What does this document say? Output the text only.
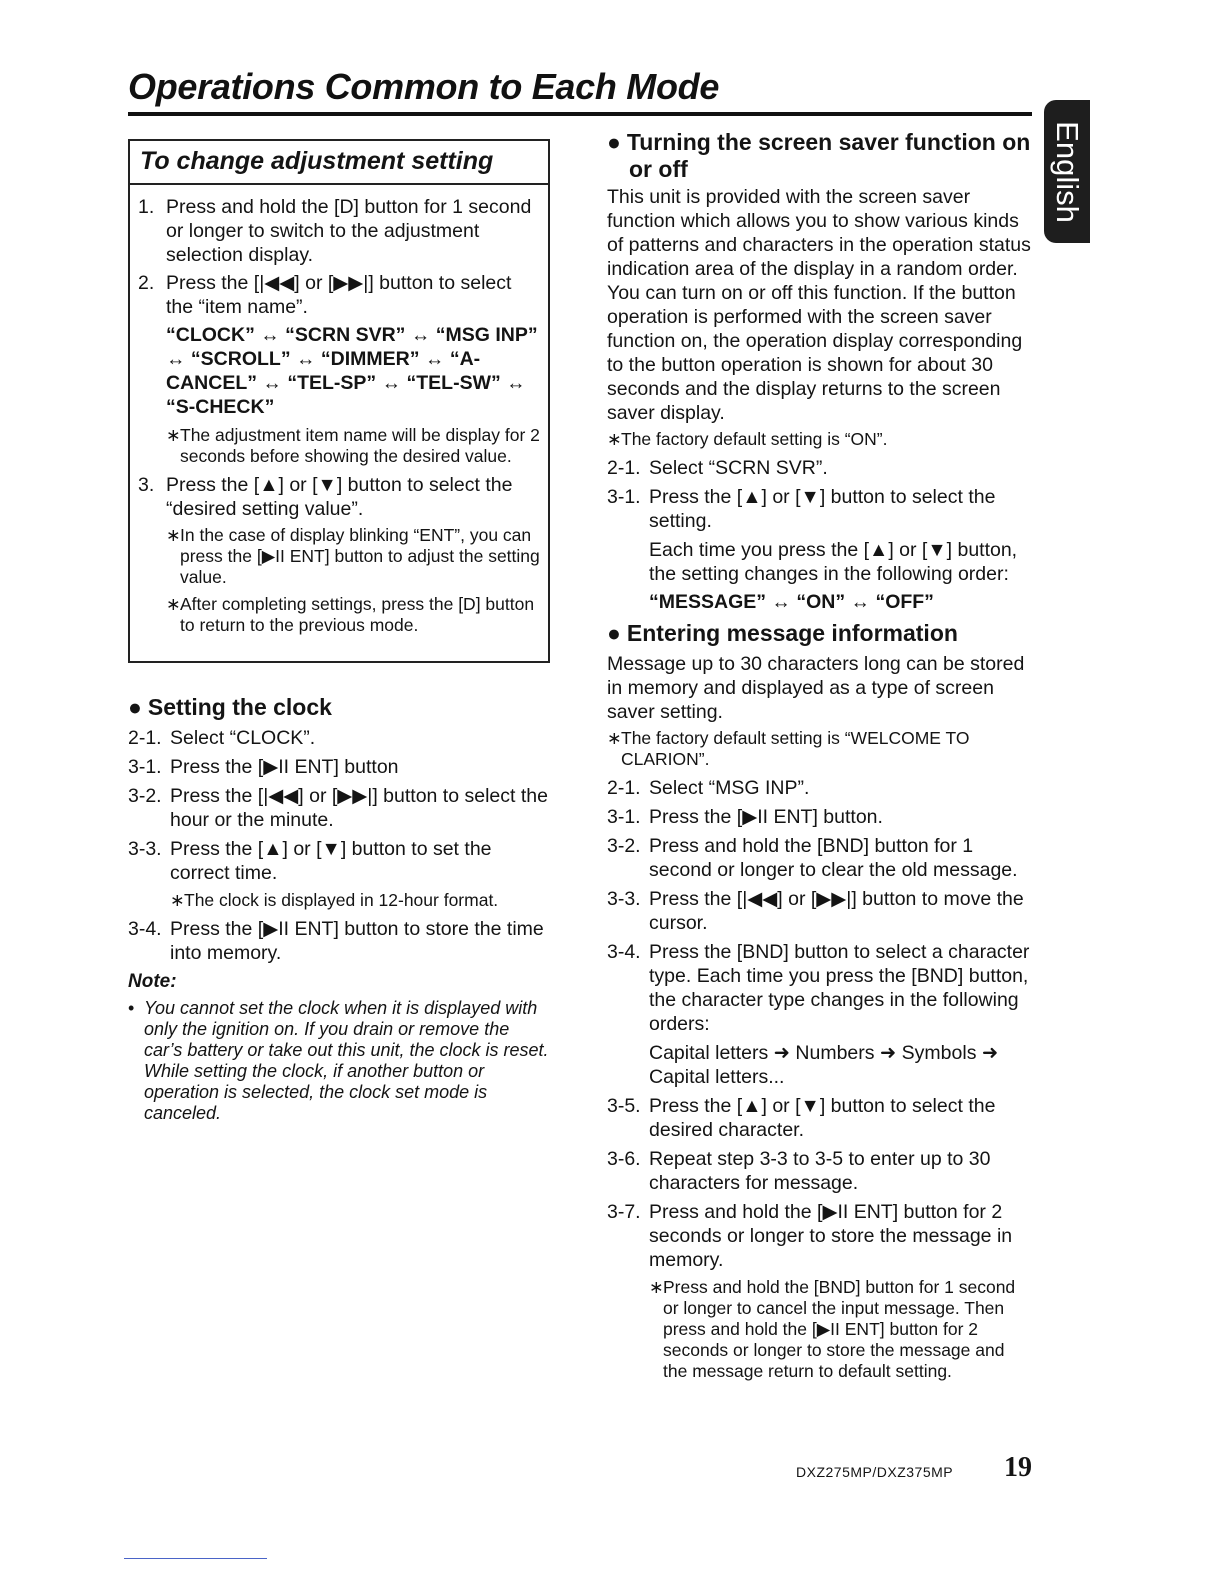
Operations Common to Each Mode
English
To change adjustment setting
1. Press and hold the [D] button for 1 second or longer to switch to the adjustment selection display.

2. Press the [|◀◀] or [▶▶|] button to select the “item name”.

“CLOCK” ↔ “SCRN SVR” ↔ “MSG INP” ↔ “SCROLL” ↔ “DIMMER” ↔ “A-CANCEL” ↔ “TEL-SP” ↔ “TEL-SW” ↔ “S-CHECK”
∗ The adjustment item name will be display for 2 seconds before showing the desired value.
3. Press the [▲] or [▼] button to select the “desired setting value”.

∗ In the case of display blinking “ENT”, you can press the [▶II ENT] button to adjust the setting value.
∗ After completing settings, press the [D] button to return to the previous mode.
● Setting the clock
2-1. Select “CLOCK”.

3-1. Press the [▶II ENT] button

3-2. Press the [|◀◀] or [▶▶|] button to select the hour or the minute.

3-3. Press the [▲] or [▼] button to set the correct time.

∗ The clock is displayed in 12-hour format.
3-4. Press the [▶II ENT] button to store the time into memory.

Note:
• You cannot set the clock when it is displayed with only the ignition on. If you drain or remove the car’s battery or take out this unit, the clock is reset. While setting the clock, if another button or operation is selected, the clock set mode is canceled.
● Turning the screen saver function on
or off

This unit is provided with the screen saver function which allows you to show various kinds of patterns and characters in the operation status indication area of the display in a random order. You can turn on or off this function. If the button operation is performed with the screen saver function on, the operation display corresponding to the button operation is shown for about 30 seconds and the display returns to the screen saver display.

∗ The factory default setting is “ON”.
2-1. Select “SCRN SVR”.

3-1. Press the [▲] or [▼] button to select the setting.

Each time you press the [▲] or [▼] button, the setting changes in the following order:

“MESSAGE” ↔ “ON” ↔ “OFF”

● Entering message information

Message up to 30 characters long can be stored in memory and displayed as a type of screen saver setting.

∗ The factory default setting is “WELCOME TO CLARION”.
2-1. Select “MSG INP”.

3-1. Press the [▶II ENT] button.

3-2. Press and hold the [BND] button for 1 second or longer to clear the old message.

3-3. Press the [|◀◀] or [▶▶|] button to move the cursor.

3-4. Press the [BND] button to select a character type. Each time you press the [BND] button, the character type changes in the following orders:

Capital letters ➜ Numbers ➜ Symbols ➜ Capital letters...

3-5. Press the [▲] or [▼] button to select the desired character.

3-6. Repeat step 3-3 to 3-5 to enter up to 30 characters for message.

3-7. Press and hold the [▶II ENT] button for 2 seconds or longer to store the message in memory.

∗ Press and hold the [BND] button for 1 second or longer to cancel the input message. Then press and hold the [▶II ENT] button for 2 seconds or longer to store the message and the message return to default setting.
DXZ275MP/DXZ375MP 19
